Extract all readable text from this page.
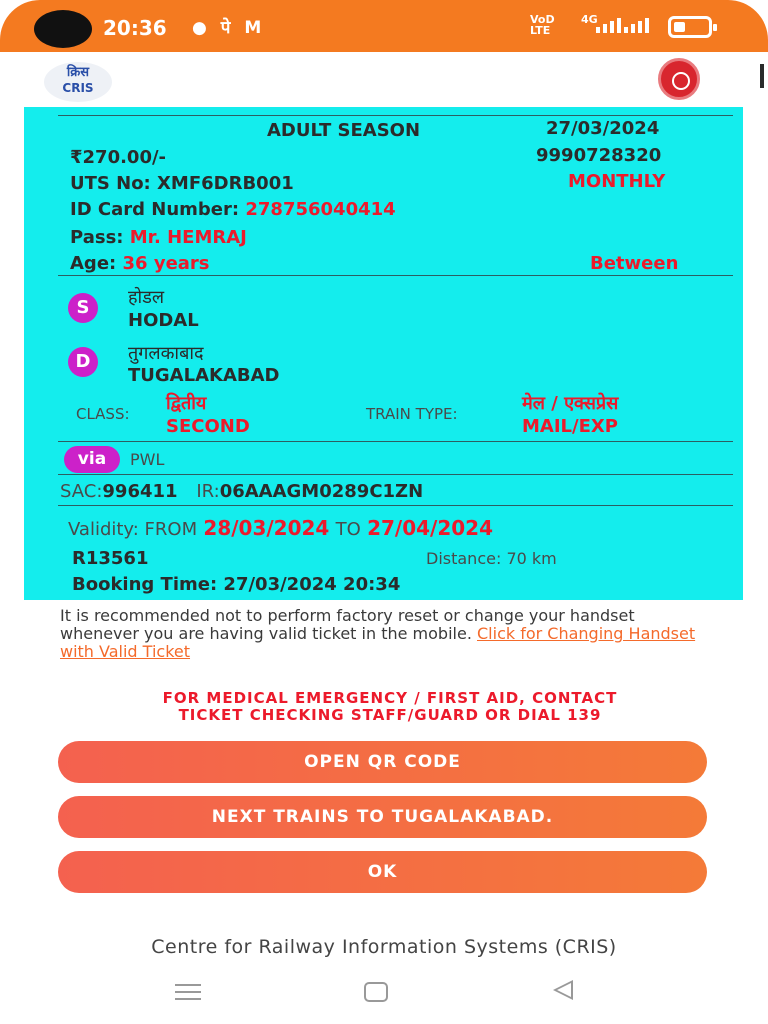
20:36 ● पे M	VoD
LTE
4G
क्रिस
CRIS
ADULT SEASON	27/03/2024
₹270.00/-	9990728320
UTS No: XMF6DRB001	MONTHLY
ID Card Number: 278756040414
Pass: Mr. HEMRAJ
Age: 36 years	Between
S	होडल
HODAL
D	तुगलकाबाद
TUGALAKABAD
CLASS: द्वितीय
SECOND
TRAIN TYPE:	मेल / एक्सप्रेस
MAIL/EXP
via	PWL
SAC:996411 IR:06AAAGM0289C1ZN
Validity: FROM 28/03/2024 TO 27/04/2024
R13561	Distance: 70 km
Booking Time: 27/03/2024 20:34
It is recommended not to perform factory reset or change your handset whenever you are having valid ticket in the mobile. Click for Changing Handset with Valid Ticket
FOR MEDICAL EMERGENCY / FIRST AID, CONTACT
TICKET CHECKING STAFF/GUARD OR DIAL 139
OPEN QR CODE
NEXT TRAINS TO TUGALAKABAD.
OK
Centre for Railway Information Systems (CRIS)
